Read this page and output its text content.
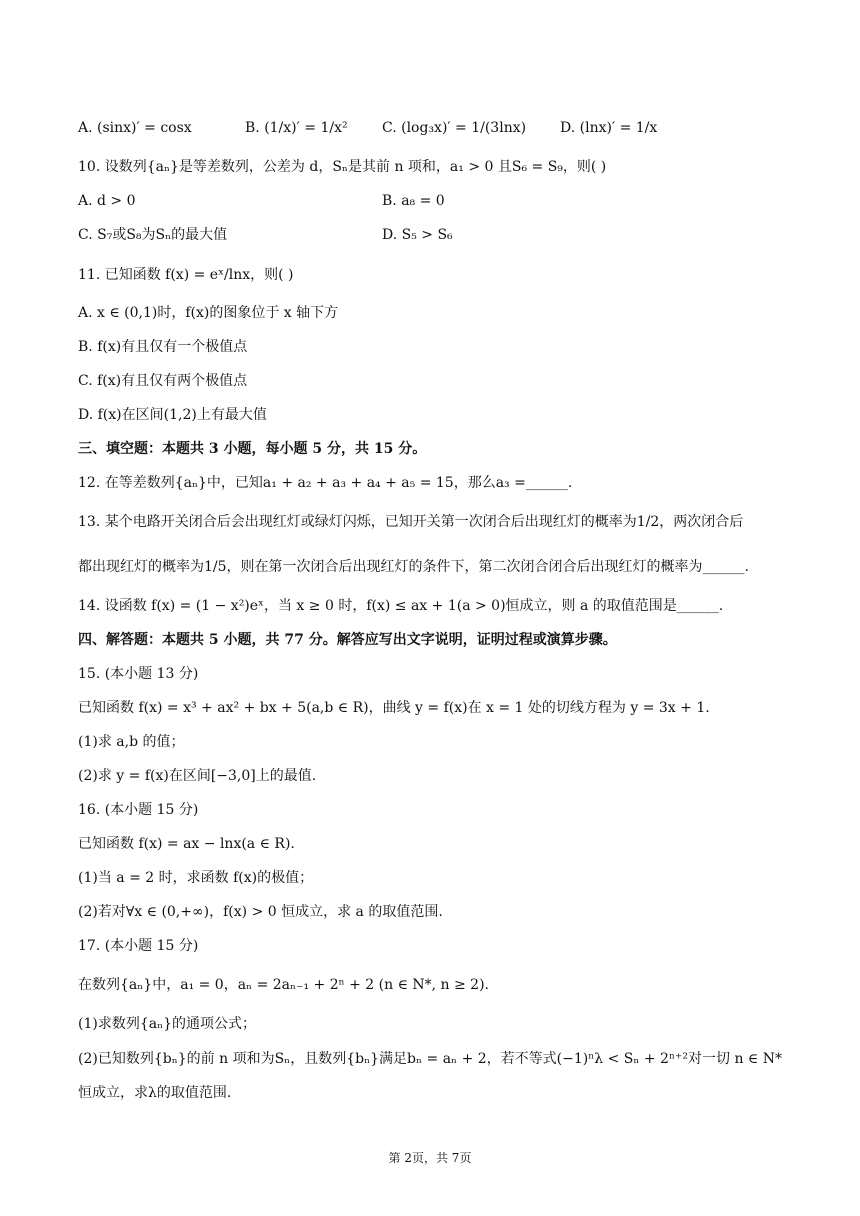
A. (sinx)′ = cosx	B. (1/x)′ = 1/x² C. (log₃x)′ = 1/(3lnx) D. (lnx)′ = 1/x
10. 设数列{aₙ}是等差数列，公差为 d，Sₙ是其前 n 项和，a₁ > 0 且S₆ = S₉，则( )
A. d > 0	B. a₈ = 0
C. S₇或S₈为Sₙ的最大值	D. S₅ > S₆
11. 已知函数 f(x) = eˣ/lnx，则( )
A. x ∈ (0,1)时，f(x)的图象位于 x 轴下方
B. f(x)有且仅有一个极值点
C. f(x)有且仅有两个极值点
D. f(x)在区间(1,2)上有最大值
三、填空题：本题共 3 小题，每小题 5 分，共 15 分。
12. 在等差数列{aₙ}中，已知a₁ + a₂ + a₃ + a₄ + a₅ = 15，那么a₃ =______.
13. 某个电路开关闭合后会出现红灯或绿灯闪烁，已知开关第一次闭合后出现红灯的概率为1/2，两次闭合后
都出现红灯的概率为1/5，则在第一次闭合后出现红灯的条件下，第二次闭合闭合后出现红灯的概率为______.
14. 设函数 f(x) = (1 − x²)eˣ，当 x ≥ 0 时，f(x) ≤ ax + 1(a > 0)恒成立，则 a 的取值范围是______.
四、解答题：本题共 5 小题，共 77 分。解答应写出文字说明，证明过程或演算步骤。
15. (本小题 13 分)
已知函数 f(x) = x³ + ax² + bx + 5(a,b ∈ R)，曲线 y = f(x)在 x = 1 处的切线方程为 y = 3x + 1.
(1)求 a,b 的值；
(2)求 y = f(x)在区间[−3,0]上的最值.
16. (本小题 15 分)
已知函数 f(x) = ax − lnx(a ∈ R).
(1)当 a = 2 时，求函数 f(x)的极值；
(2)若对∀x ∈ (0,+∞)，f(x) > 0 恒成立，求 a 的取值范围.
17. (本小题 15 分)
在数列{aₙ}中，a₁ = 0，aₙ = 2aₙ₋₁ + 2ⁿ + 2 (n ∈ N*, n ≥ 2).
(1)求数列{aₙ}的通项公式；
(2)已知数列{bₙ}的前 n 项和为Sₙ，且数列{bₙ}满足bₙ = aₙ + 2，若不等式(−1)ⁿλ < Sₙ + 2ⁿ⁺²对一切 n ∈ N*
恒成立，求λ的取值范围.
第 2页，共 7页
